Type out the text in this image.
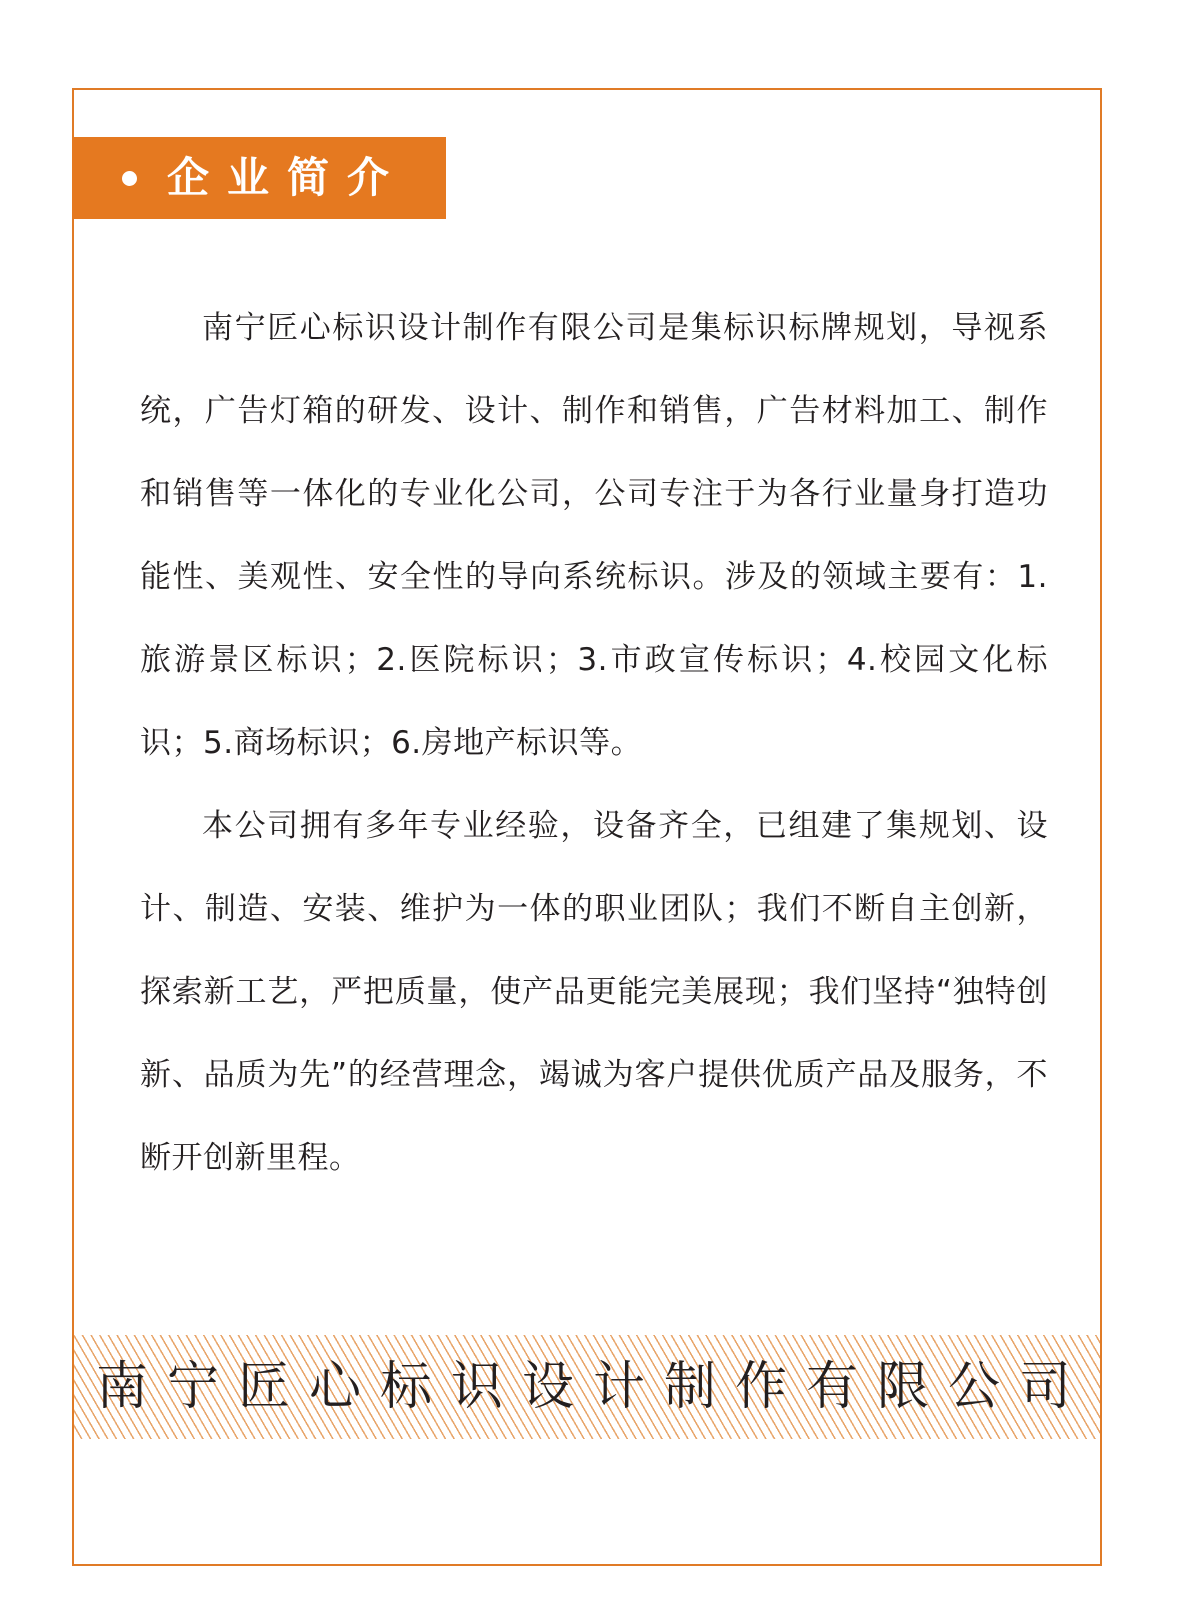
企业简介

南宁匠心标识设计制作有限公司是集标识标牌规划，导视系统，广告灯箱的研发、设计、制作和销售，广告材料加工、制作和销售等一体化的专业化公司，公司专注于为各行业量身打造功能性、美观性、安全性的导向系统标识。涉及的领域主要有：1.旅游景区标识；2.医院标识；3.市政宣传标识；4.校园文化标识；5.商场标识；6.房地产标识等。

本公司拥有多年专业经验，设备齐全，已组建了集规划、设计、制造、安装、维护为一体的职业团队；我们不断自主创新，探索新工艺，严把质量，使产品更能完美展现；我们坚持“独特创新、品质为先”的经营理念，竭诚为客户提供优质产品及服务，不断开创新里程。

南宁匠心标识设计制作有限公司
